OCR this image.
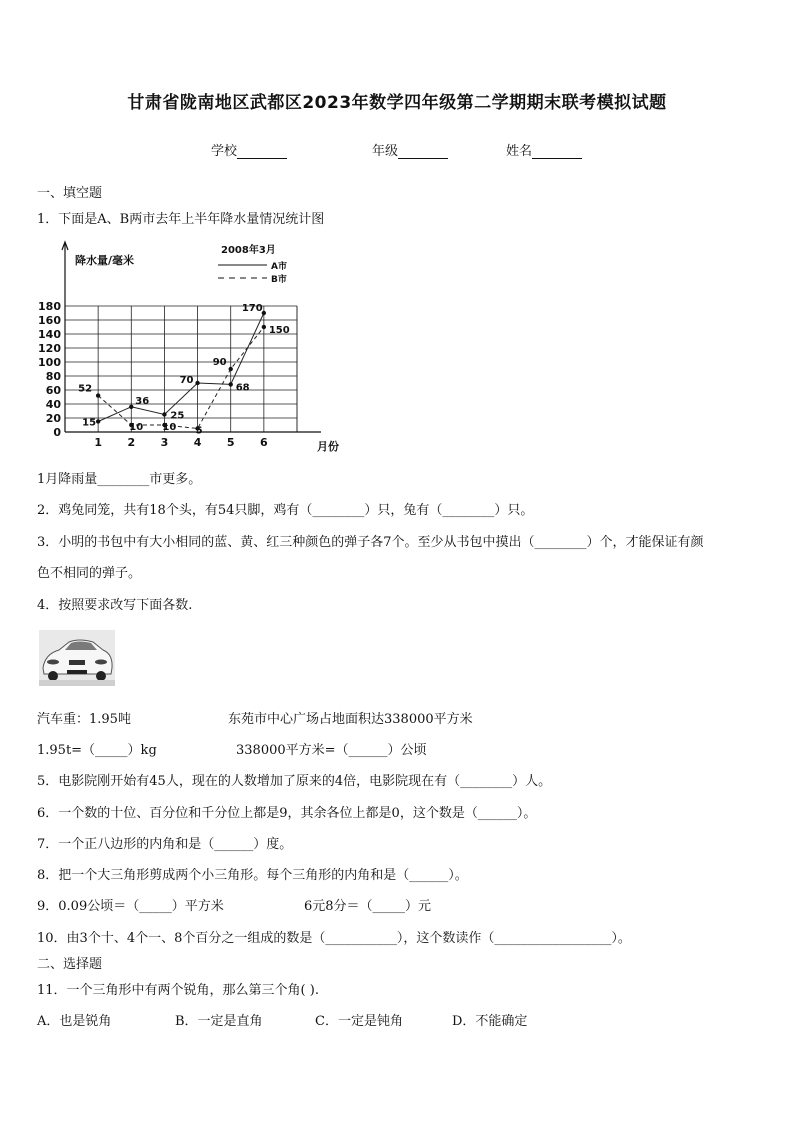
甘肃省陇南地区武都区2023年数学四年级第二学期期末联考模拟试题
学校	年级	姓名
一、填空题
1．下面是A、B两市去年上半年降水量情况统计图
2008年3月
A市
B市
0
20
40
60
80
100
120
140
160
180
降水量/毫米
月份
1 2 3 4 5 6
15
36
25
70
68
170
52
10 10 5
90
150
1月降雨量________市更多。
2．鸡兔同笼，共有18个头，有54只脚，鸡有（________）只，兔有（________）只。
3．小明的书包中有大小相同的蓝、黄、红三种颜色的弹子各7个。至少从书包中摸出（________）个，才能保证有颜
色不相同的弹子。
4．按照要求改写下面各数.
汽车重：1.95吨	东苑市中心广场占地面积达338000平方米
1.95t=（_____）kg	338000平方米=（______）公顷
5．电影院刚开始有45人，现在的人数增加了原来的4倍，电影院现在有（________）人。
6．一个数的十位、百分位和千分位上都是9，其余各位上都是0，这个数是（______）。
7．一个正八边形的内角和是（______）度。
8．把一个大三角形剪成两个小三角形。每个三角形的内角和是（______）。
9．0.09公顷＝（_____）平方米	6元8分＝（_____）元
10．由3个十、4个一、8个百分之一组成的数是（___________），这个数读作（__________________）。
二、选择题
11．一个三角形中有两个锐角，那么第三个角( ).
A．也是锐角	B．一定是直角	C．一定是钝角	D．不能确定
